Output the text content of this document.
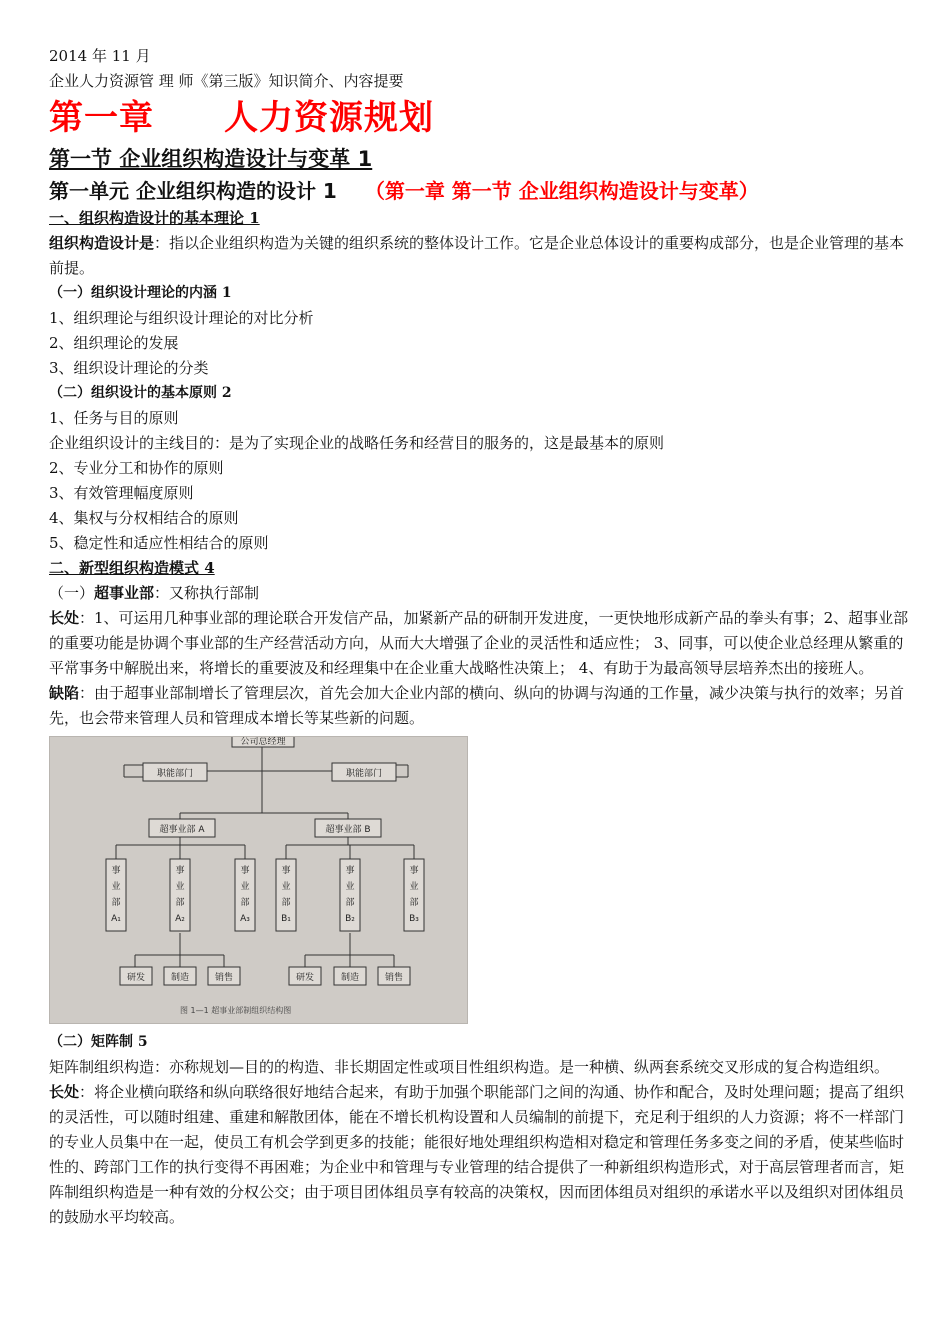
2014 年 11 月
企业人力资源管 理 师《第三版》知识简介、内容提要
第一章 人力资源规划
第一节 企业组织构造设计与变革 1
第一单元 企业组织构造的设计 1 （第一章 第一节 企业组织构造设计与变革）
一、组织构造设计的基本理论 1
组织构造设计是：指以企业组织构造为关键的组织系统的整体设计工作。它是企业总体设计的重要构成部分，也是企业管理的基本前提。
（一）组织设计理论的内涵 1
1、组织理论与组织设计理论的对比分析
2、组织理论的发展
3、组织设计理论的分类
（二）组织设计的基本原则 2
1、任务与目的原则
企业组织设计的主线目的：是为了实现企业的战略任务和经营目的服务的，这是最基本的原则
2、专业分工和协作的原则
3、有效管理幅度原则
4、集权与分权相结合的原则
5、稳定性和适应性相结合的原则
二、新型组织构造模式 4
（一）超事业部：又称执行部制
长处：1、可运用几种事业部的理论联合开发信产品，加紧新产品的研制开发进度，一更快地形成新产品的拳头有事；2、超事业部的重要功能是协调个事业部的生产经营活动方向，从而大大增强了企业的灵活性和适应性； 3、同事，可以使企业总经理从繁重的平常事务中解脱出来，将增长的重要波及和经理集中在企业重大战略性决策上； 4、有助于为最高领导层培养杰出的接班人。
缺陷：由于超事业部制增长了管理层次，首先会加大企业内部的横向、纵向的协调与沟通的工作量，减少决策与执行的效率；另首先，也会带来管理人员和管理成本增长等某些新的问题。
公司总经理
职能部门	职能部门
超事业部 A	超事业部 B
事
业
部
A₁
事
业
部
A₂
事
业
部
A₃
事
业
部
B₁
事
业
部
B₂
事
业
部
B₃
研发	制造	销售	研发	制造	销售
图 1—1 超事业部制组织结构图
（二）矩阵制 5
矩阵制组织构造：亦称规划—目的的构造、非长期固定性或项目性组织构造。是一种横、纵两套系统交叉形成的复合构造组织。
长处：将企业横向联络和纵向联络很好地结合起来，有助于加强个职能部门之间的沟通、协作和配合，及时处理问题；提高了组织的灵活性，可以随时组建、重建和解散团体，能在不增长机构设置和人员编制的前提下，充足利于组织的人力资源；将不一样部门的专业人员集中在一起，使员工有机会学到更多的技能；能很好地处理组织构造相对稳定和管理任务多变之间的矛盾，使某些临时性的、跨部门工作的执行变得不再困难；为企业中和管理与专业管理的结合提供了一种新组织构造形式，对于高层管理者而言，矩阵制组织构造是一种有效的分权公交；由于项目团体组员享有较高的决策权，因而团体组员对组织的承诺水平以及组织对团体组员的鼓励水平均较高。
